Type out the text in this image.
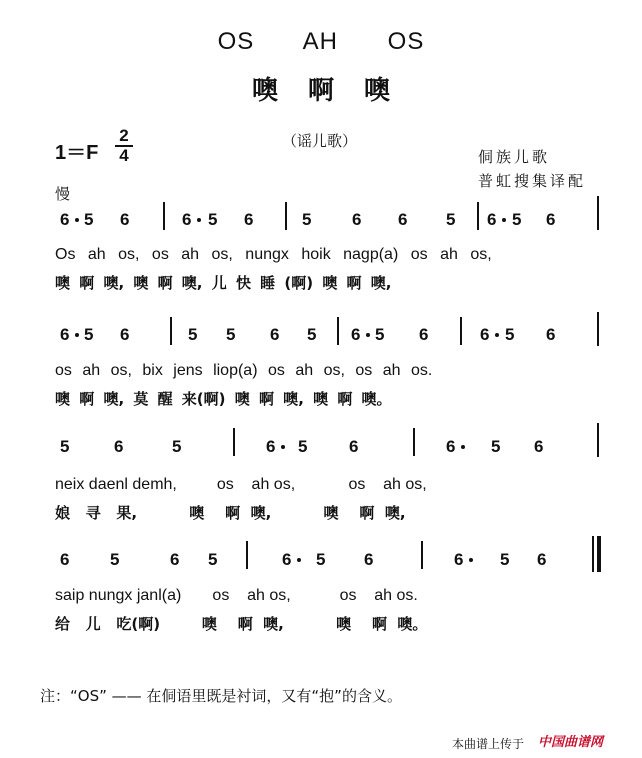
OS AH OS
噢啊噢
1＝F
2
4
（谣儿歌）
侗族儿歌
普虹搜集译配
慢
6 5 6	6 5 6	5 6 6 5 6 5 6
Os ah os, os ah os, nungx hoik nagp(a) os ah os,
噢 啊 噢, 噢 啊 噢, 儿 快 睡 (啊) 噢 啊 噢,
6 5 6	5 5 6 5 6 5 6	6 5 6
os ah os, bix jens liop(a) os ah os, os ah os.
噢 啊 噢, 莫 醒 来(啊) 噢 啊 噢, 噢 啊 噢。
5	6	5	6 5 6	6 5 6
neix daenl demh,         os    ah os,            os    ah os,
娘   寻   果,          噢    啊  噢,          噢    啊  噢,
6 5	6 5	6 5 6	6 5 6
saip nungx janl(a)       os    ah os,           os    ah os.
给   儿   吃(啊)        噢    啊  噢,          噢    啊  噢。
注：“OS” —— 在侗语里既是衬词，又有“抱”的含义。
本曲谱上传于 中国曲谱网
